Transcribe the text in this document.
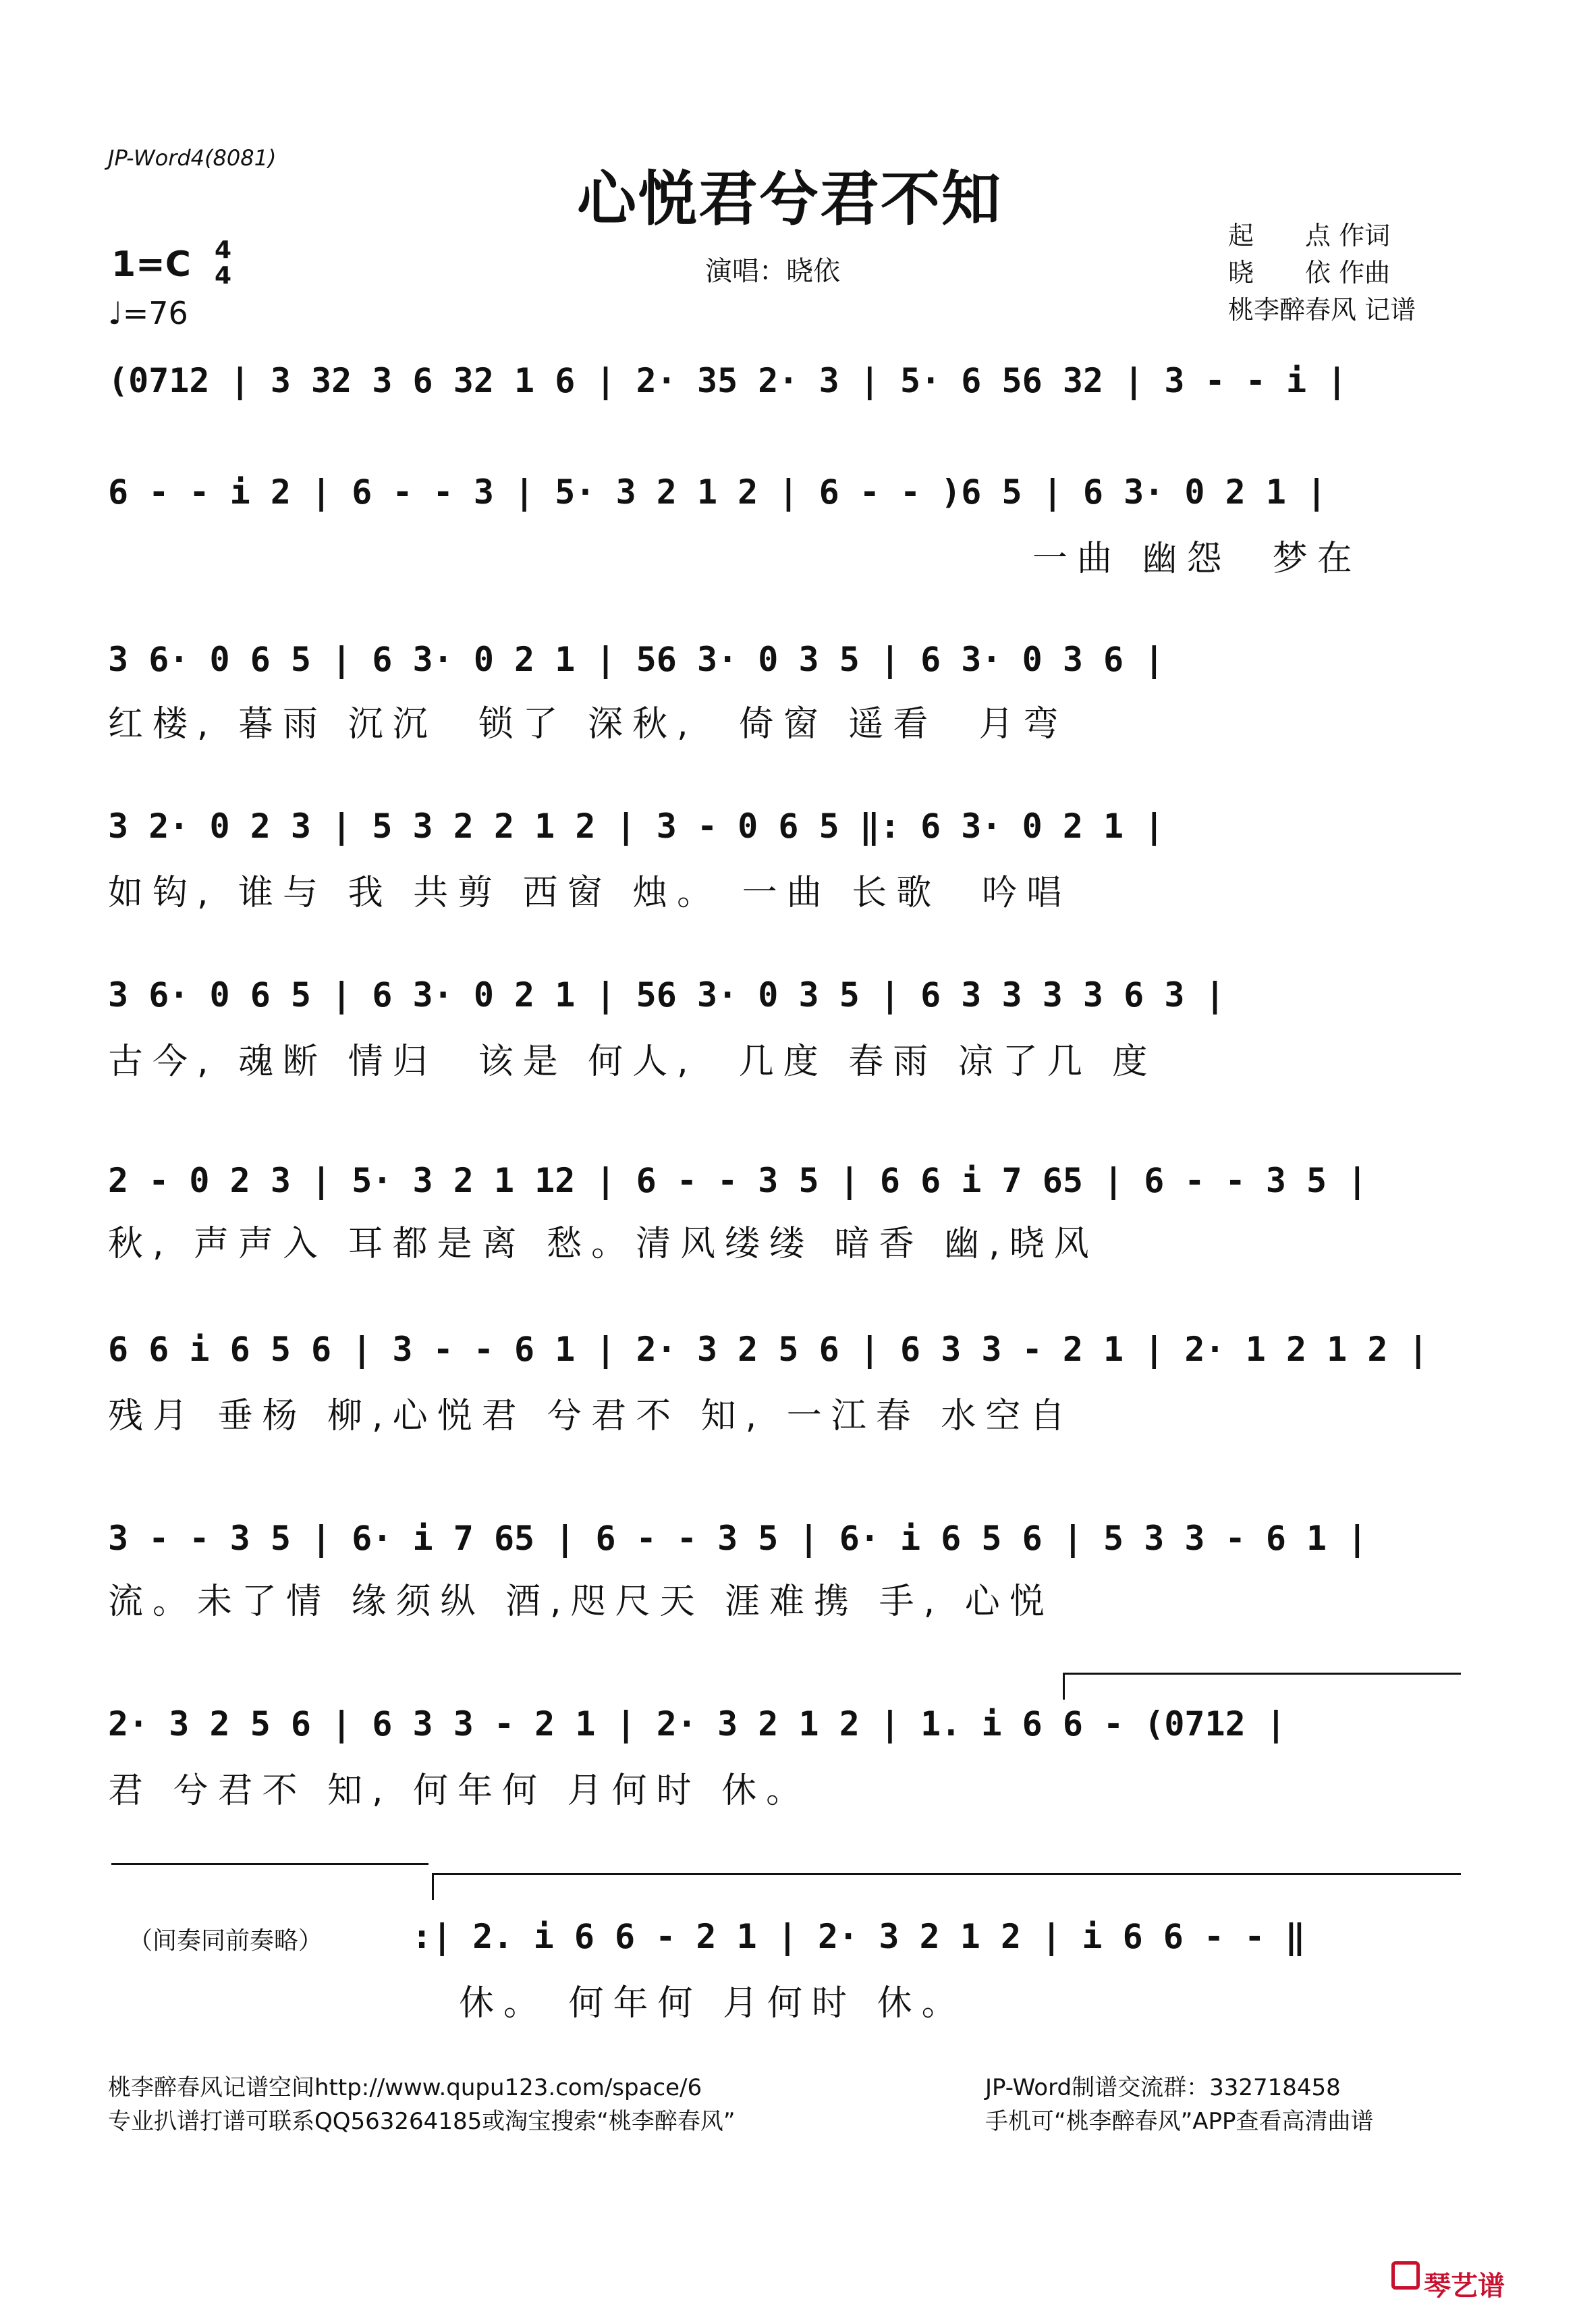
JP-Word4(8081)
心悦君兮君不知
1=C 4
4
♩=76
演唱：晓依
起　　点 作词
晓　　依 作曲
桃李醉春风 记谱
(0712 | 3 32 3 6 32 1 6 | 2· 35 2· 3 | 5· 6 56 32 | 3 - - i |
6 - - i 2 | 6 - - 3 | 5· 3 2 1 2 | 6 - - )6 5 | 6 3· 0 2 1 |
一曲 幽怨  梦在
3 6· 0 6 5 | 6 3· 0 2 1 | 56 3· 0 3 5 | 6 3· 0 3 6 |
红楼, 暮雨 沉沉  锁了 深秋,  倚窗 遥看  月弯
3 2· 0 2 3 | 5 3 2 2 1 2 | 3 - 0 6 5 ‖: 6 3· 0 2 1 |
如钩, 谁与 我 共剪 西窗 烛。 一曲 长歌  吟唱
3 6· 0 6 5 | 6 3· 0 2 1 | 56 3· 0 3 5 | 6 3 3 3 3 6 3 |
古今, 魂断 情归  该是 何人,  几度 春雨 凉了几 度
2 - 0 2 3 | 5· 3 2 1 12 | 6 - - 3 5 | 6 6 i 7 65 | 6 - - 3 5 |
秋, 声声入 耳都是离 愁。清风缕缕 暗香 幽,晓风
6 6 i 6 5 6 | 3 - - 6 1 | 2· 3 2 5 6 | 6 3 3 - 2 1 | 2· 1 2 1 2 |
残月 垂杨 柳,心悦君 兮君不 知, 一江春 水空自
3 - - 3 5 | 6· i 7 65 | 6 - - 3 5 | 6· i 6 5 6 | 5 3 3 - 6 1 |
流。未了情 缘须纵 酒,咫尺天 涯难携 手, 心悦
2· 3 2 5 6 | 6 3 3 - 2 1 | 2· 3 2 1 2 | 1. i 6 6 - (0712 |
君 兮君不 知, 何年何 月何时 休。
（间奏同前奏略）	:| 2. i 6 6 - 2 1 | 2· 3 2 1 2 | i 6 6 - - ‖
休。 何年何 月何时 休。
桃李醉春风记谱空间http://www.qupu123.com/space/6
专业扒谱打谱可联系QQ563264185或淘宝搜索“桃李醉春风”
JP-Word制谱交流群：332718458
手机可“桃李醉春风”APP查看高清曲谱
琴艺谱
